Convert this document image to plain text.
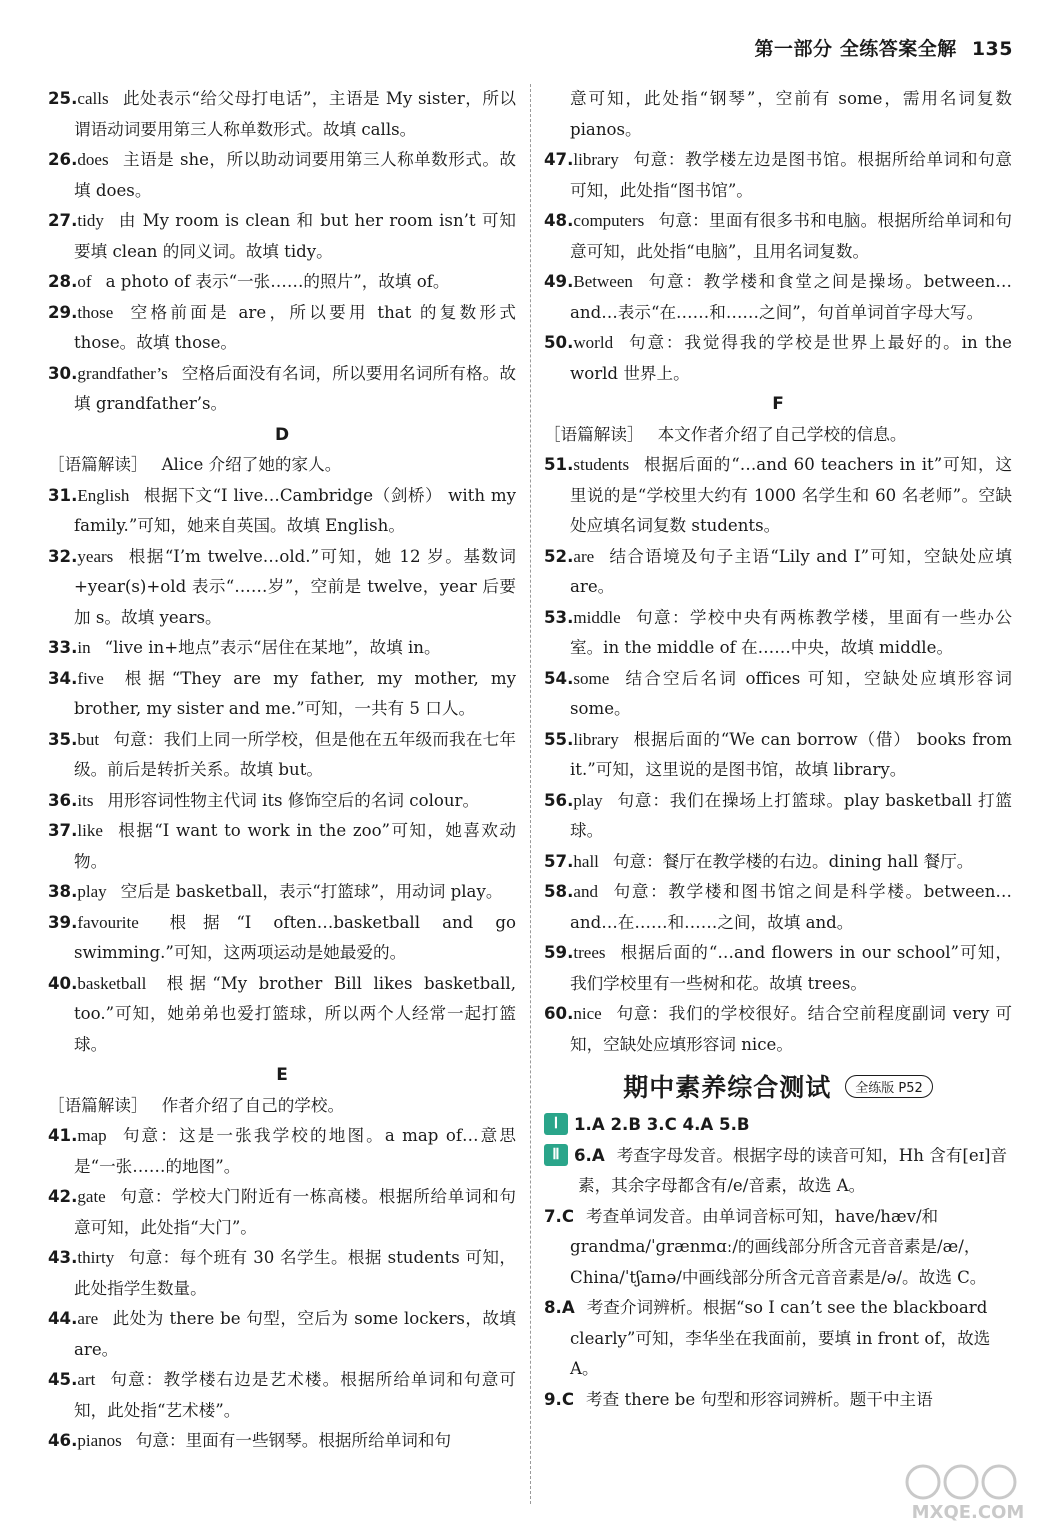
第一部分 全练答案全解 135

25.calls 此处表示“给父母打电话”，主语是 My sister，所以谓语动词要用第三人称单数形式。故填 calls。

26.does 主语是 she，所以助动词要用第三人称单数形式。故填 does。

27.tidy 由 My room is clean 和 but her room isn’t 可知要填 clean 的同义词。故填 tidy。

28.of a photo of 表示“一张……的照片”，故填 of。

29.those 空格前面是 are，所以要用 that 的复数形式 those。故填 those。

30.grandfather’s 空格后面没有名词，所以要用名词所有格。故填 grandfather’s。

D

［语篇解读］ Alice 介绍了她的家人。

31.English 根据下文“I live…Cambridge（剑桥） with my family.”可知，她来自英国。故填 English。

32.years 根据“I’m twelve…old.”可知，她 12 岁。基数词+year(s)+old 表示“……岁”，空前是 twelve，year 后要加 s。故填 years。

33.in “live in+地点”表示“居住在某地”，故填 in。

34.five 根据“They are my father, my mother, my brother, my sister and me.”可知，一共有 5 口人。

35.but 句意：我们上同一所学校，但是他在五年级而我在七年级。前后是转折关系。故填 but。

36.its 用形容词性物主代词 its 修饰空后的名词 colour。

37.like 根据“I want to work in the zoo”可知，她喜欢动物。

38.play 空后是 basketball，表示“打篮球”，用动词 play。

39.favourite 根据“I often…basketball and go swimming.”可知，这两项运动是她最爱的。

40.basketball 根据“My brother Bill likes basketball, too.”可知，她弟弟也爱打篮球，所以两个人经常一起打篮球。

E

［语篇解读］ 作者介绍了自己的学校。

41.map 句意：这是一张我学校的地图。a map of…意思是“一张……的地图”。

42.gate 句意：学校大门附近有一栋高楼。根据所给单词和句意可知，此处指“大门”。

43.thirty 句意：每个班有 30 名学生。根据 students 可知，此处指学生数量。

44.are 此处为 there be 句型，空后为 some lockers，故填 are。

45.art 句意：教学楼右边是艺术楼。根据所给单词和句意可知，此处指“艺术楼”。

46.pianos 句意：里面有一些钢琴。根据所给单词和句

意可知，此处指“钢琴”，空前有 some，需用名词复数 pianos。

47.library 句意：教学楼左边是图书馆。根据所给单词和句意可知，此处指“图书馆”。

48.computers 句意：里面有很多书和电脑。根据所给单词和句意可知，此处指“电脑”，且用名词复数。

49.Between 句意：教学楼和食堂之间是操场。between…and…表示“在……和……之间”，句首单词首字母大写。

50.world 句意：我觉得我的学校是世界上最好的。in the world 世界上。

F

［语篇解读］ 本文作者介绍了自己学校的信息。

51.students 根据后面的“…and 60 teachers in it”可知，这里说的是“学校里大约有 1000 名学生和 60 名老师”。空缺处应填名词复数 students。

52.are 结合语境及句子主语“Lily and I”可知，空缺处应填 are。

53.middle 句意：学校中央有两栋教学楼，里面有一些办公室。in the middle of 在……中央，故填 middle。

54.some 结合空后名词 offices 可知，空缺处应填形容词 some。

55.library 根据后面的“We can borrow（借） books from it.”可知，这里说的是图书馆，故填 library。

56.play 句意：我们在操场上打篮球。play basketball 打篮球。

57.hall 句意：餐厅在教学楼的右边。dining hall 餐厅。

58.and 句意：教学楼和图书馆之间是科学楼。between…and…在……和……之间，故填 and。

59.trees 根据后面的“…and flowers in our school”可知，我们学校里有一些树和花。故填 trees。

60.nice 句意：我们的学校很好。结合空前程度副词 very 可知，空缺处应填形容词 nice。

期中素养综合测试	全练版 P52

Ⅰ 1.A 2.B 3.C 4.A 5.B

Ⅱ 6.A 考查字母发音。根据字母的读音可知，Hh 含有[eɪ]音素，其余字母都含有/e/音素，故选 A。

7.C 考查单词发音。由单词音标可知，have/hæv/和 grandma/ˈɡrænmɑː/的画线部分所含元音音素是/æ/，China/ˈtʃaɪnə/中画线部分所含元音音素是/ə/。故选 C。

8.A 考查介词辨析。根据“so I can’t see the blackboard clearly”可知，李华坐在我面前，要填 in front of，故选 A。

9.C 考查 there be 句型和形容词辨析。题干中主语

MXQE.COM
